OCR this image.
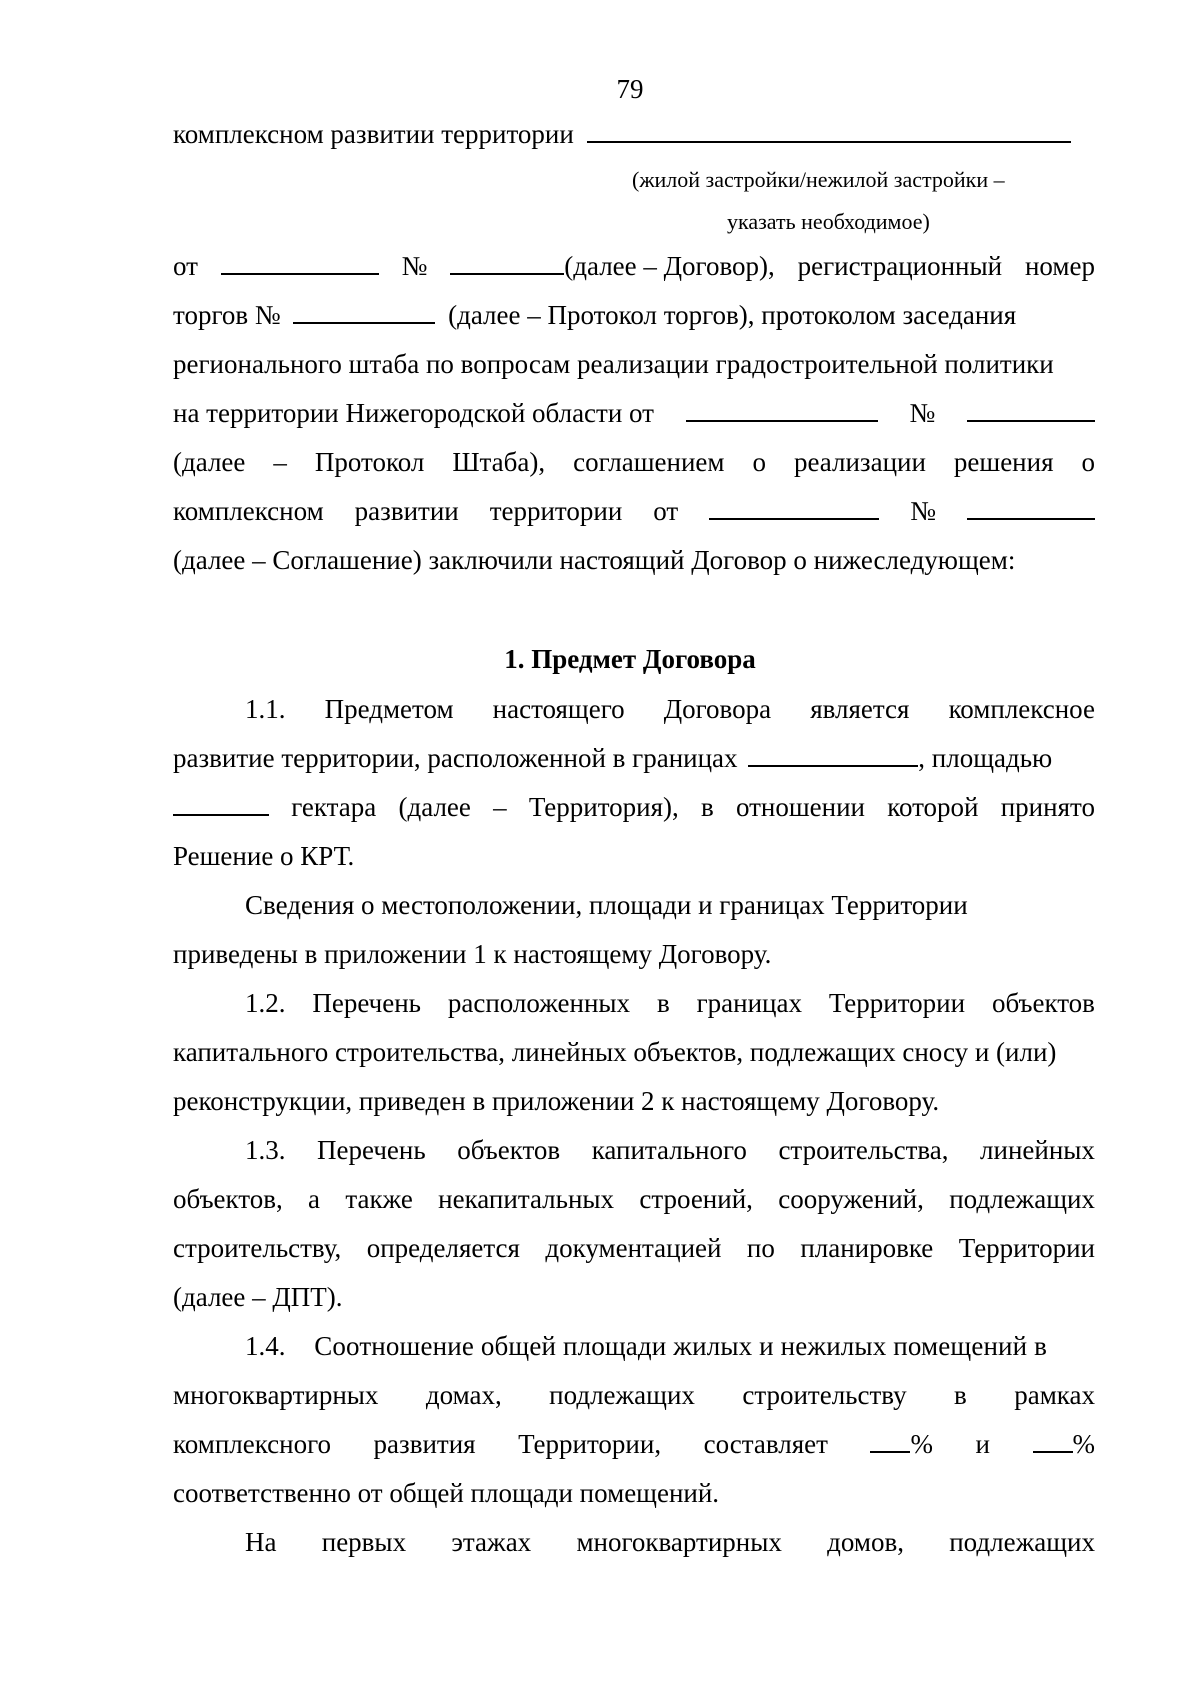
79
комплексном развитии территории
(жилой застройки/нежилой застройки –
указать необходимое)
от	№	(далее – Договор), регистрационный номер
торгов №	(далее – Протокол торгов), протоколом заседания
регионального штаба по вопросам реализации градостроительной политики
на территории Нижегородской области от	№
(далее – Протокол Штаба), соглашением о реализации решения о
комплексном развитии территории от	№
(далее – Соглашение) заключили настоящий Договор о нижеследующем:
1. Предмет Договора
1.1. Предметом настоящего Договора является комплексное
развитие территории, расположенной в границах	, площадью
гектара (далее – Территория), в отношении которой принято
Решение о КРТ.
Сведения о местоположении, площади и границах Территории
приведены в приложении 1 к настоящему Договору.
1.2. Перечень расположенных в границах Территории объектов
капитального строительства, линейных объектов, подлежащих сносу и (или)
реконструкции, приведен в приложении 2 к настоящему Договору.
1.3. Перечень объектов капитального строительства, линейных
объектов, а также некапитальных строений, сооружений, подлежащих
строительству, определяется документацией по планировке Территории
(далее – ДПТ).
1.4. Соотношение общей площади жилых и нежилых помещений в
многоквартирных домах, подлежащих строительству в рамках
комплексного развития Территории, составляет	% и	%
соответственно от общей площади помещений.
На первых этажах многоквартирных домов, подлежащих
